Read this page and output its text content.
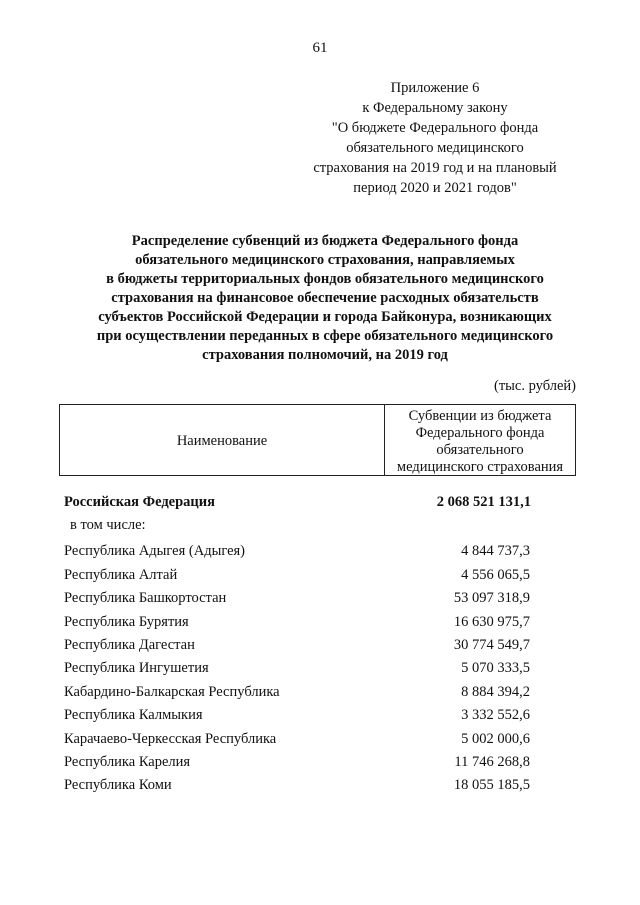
61
Приложение 6
к Федеральному закону
"О бюджете Федерального фонда
обязательного медицинского
страхования на 2019 год и на плановый
период 2020 и 2021 годов"
Распределение субвенций из бюджета Федерального фонда
обязательного медицинского страхования, направляемых
в бюджеты территориальных фондов обязательного медицинского
страхования на финансовое обеспечение расходных обязательств
субъектов Российской Федерации и города Байконура, возникающих
при осуществлении переданных в сфере обязательного медицинского
страхования полномочий, на 2019 год
(тыс. рублей)
Наименование
Субвенции из бюджета
Федерального фонда
обязательного
медицинского страхования
Российская Федерация	2 068 521 131,1
в том числе:
Республика Адыгея (Адыгея)	4 844 737,3
Республика Алтай	4 556 065,5
Республика Башкортостан	53 097 318,9
Республика Бурятия	16 630 975,7
Республика Дагестан	30 774 549,7
Республика Ингушетия	5 070 333,5
Кабардино-Балкарская Республика	8 884 394,2
Республика Калмыкия	3 332 552,6
Карачаево-Черкесская Республика	5 002 000,6
Республика Карелия	11 746 268,8
Республика Коми	18 055 185,5
